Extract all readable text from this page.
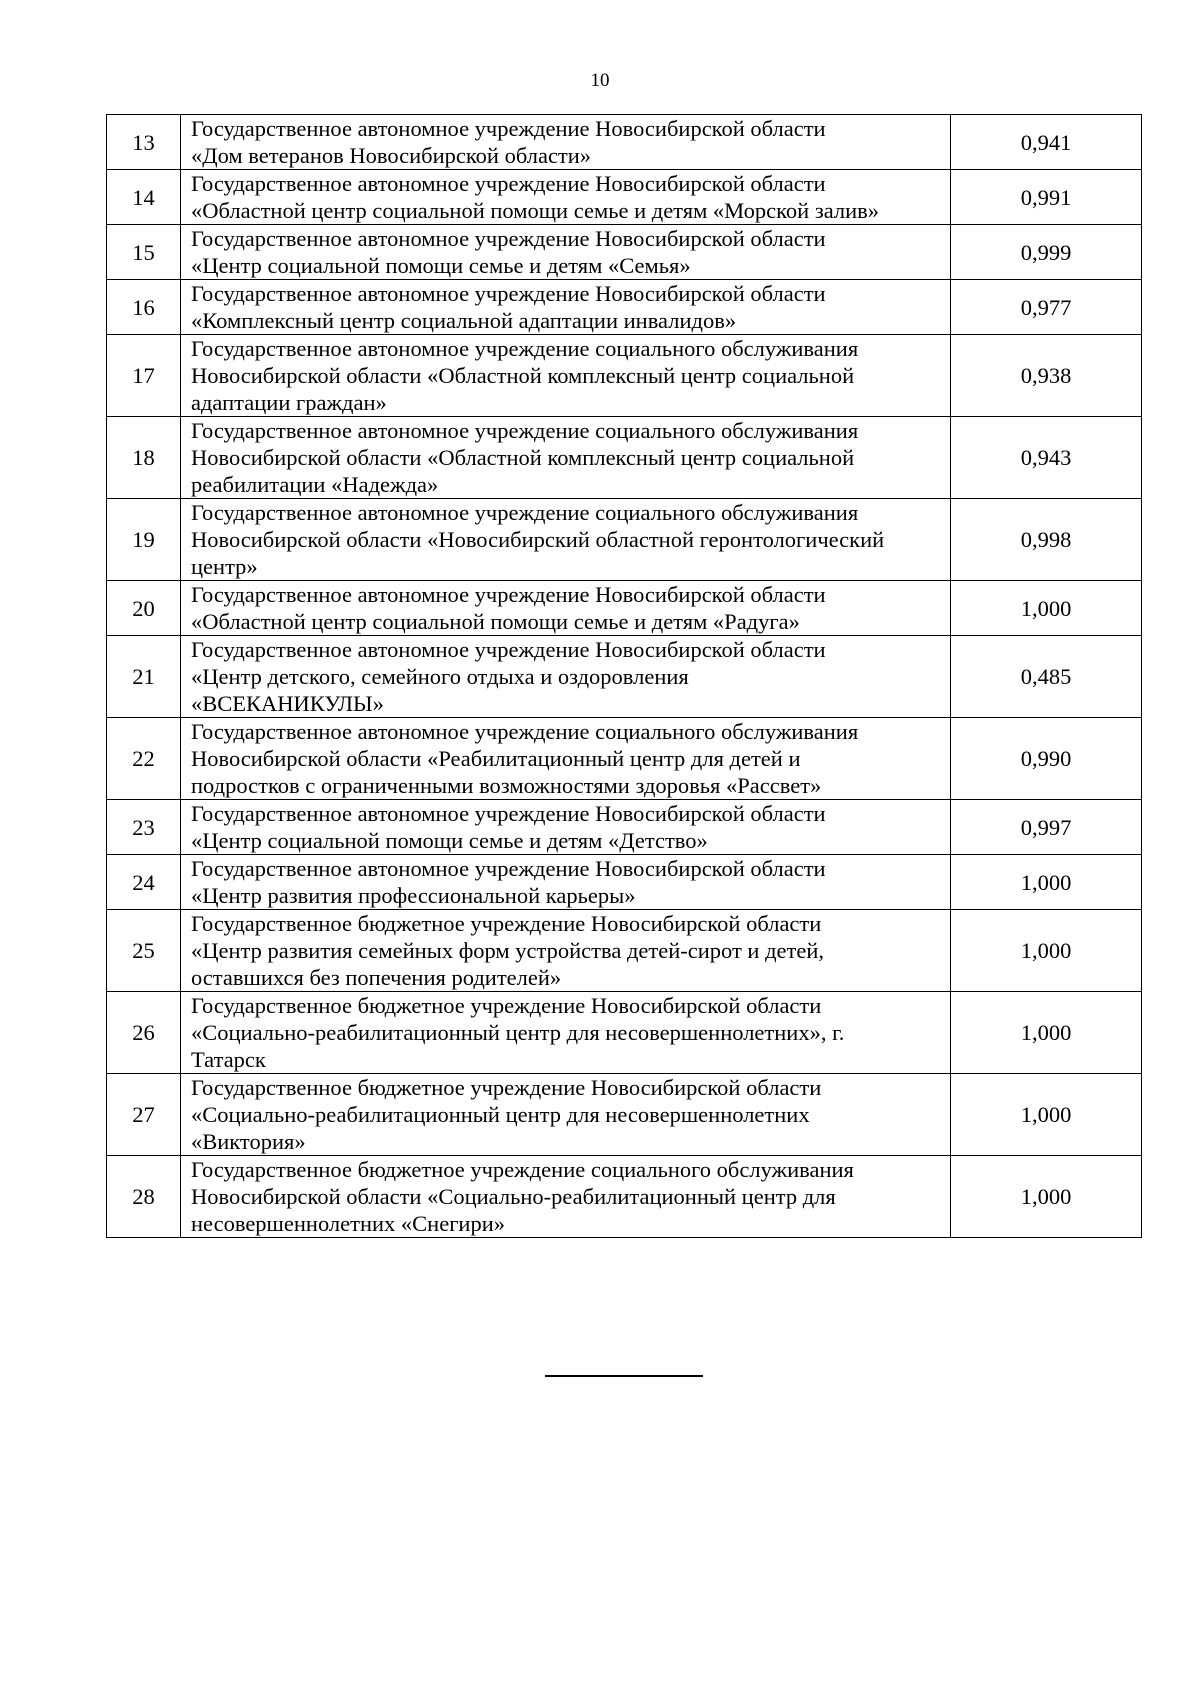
10
13	Государственное автономное учреждение Новосибирской области
«Дом ветеранов Новосибирской области»	0,941
14	Государственное автономное учреждение Новосибирской области
«Областной центр социальной помощи семье и детям «Морской залив»	0,991
15	Государственное автономное учреждение Новосибирской области
«Центр социальной помощи семье и детям «Семья»	0,999
16	Государственное автономное учреждение Новосибирской области
«Комплексный центр социальной адаптации инвалидов»	0,977
17	Государственное автономное учреждение социального обслуживания
Новосибирской области «Областной комплексный центр социальной
адаптации граждан»	0,938
18	Государственное автономное учреждение социального обслуживания
Новосибирской области «Областной комплексный центр социальной
реабилитации «Надежда»	0,943
19	Государственное автономное учреждение социального обслуживания
Новосибирской области «Новосибирский областной геронтологический
центр»	0,998
20	Государственное автономное учреждение Новосибирской области
«Областной центр социальной помощи семье и детям «Радуга»	1,000
21	Государственное автономное учреждение Новосибирской области
«Центр детского, семейного отдыха и оздоровления
«ВСЕКАНИКУЛЫ»	0,485
22	Государственное автономное учреждение социального обслуживания
Новосибирской области «Реабилитационный центр для детей и
подростков с ограниченными возможностями здоровья «Рассвет»	0,990
23	Государственное автономное учреждение Новосибирской области
«Центр социальной помощи семье и детям «Детство»	0,997
24	Государственное автономное учреждение Новосибирской области
«Центр развития профессиональной карьеры»	1,000
25	Государственное бюджетное учреждение Новосибирской области
«Центр развития семейных форм устройства детей-сирот и детей,
оставшихся без попечения родителей»	1,000
26	Государственное бюджетное учреждение Новосибирской области
«Социально-реабилитационный центр для несовершеннолетних», г.
Татарск	1,000
27	Государственное бюджетное учреждение Новосибирской области
«Социально-реабилитационный центр для несовершеннолетних
«Виктория»	1,000
28	Государственное бюджетное учреждение социального обслуживания
Новосибирской области «Социально-реабилитационный центр для
несовершеннолетних «Снегири»	1,000
